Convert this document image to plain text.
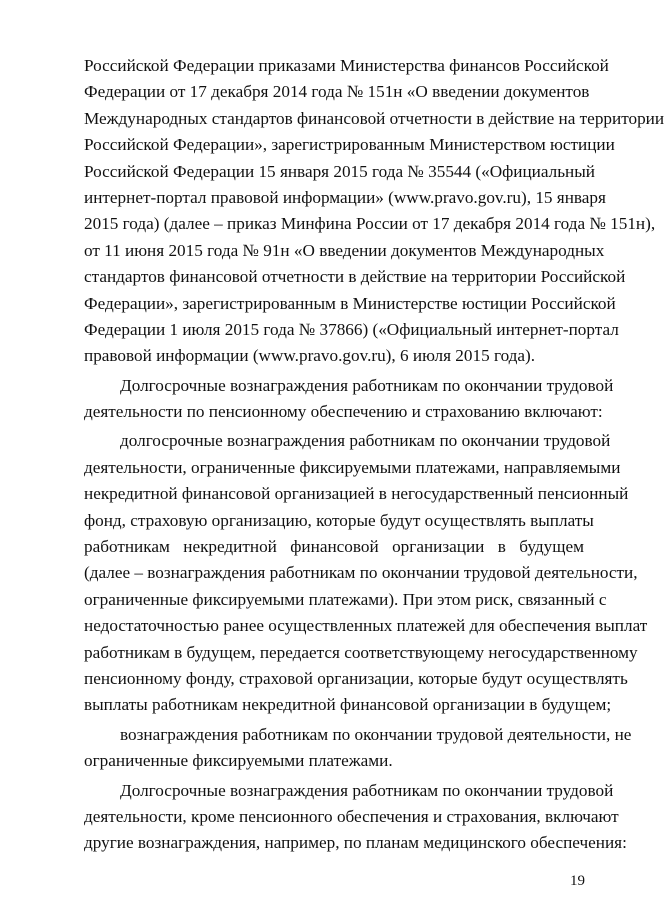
Российской Федерации приказами Министерства финансов Российской
Федерации от 17 декабря 2014 года № 151н «О введении документов
Международных стандартов финансовой отчетности в действие на территории
Российской Федерации», зарегистрированным Министерством юстиции
Российской Федерации 15 января 2015 года № 35544 («Официальный
интернет-портал правовой информации» (www.pravo.gov.ru), 15 января
2015 года) (далее – приказ Минфина России от 17 декабря 2014 года № 151н),
от 11 июня 2015 года № 91н «О введении документов Международных
стандартов финансовой отчетности в действие на территории Российской
Федерации», зарегистрированным в Министерстве юстиции Российской
Федерации 1 июля 2015 года № 37866) («Официальный интернет-портал
правовой информации (www.pravo.gov.ru), 6 июля 2015 года).
Долгосрочные вознаграждения работникам по окончании трудовой
деятельности по пенсионному обеспечению и страхованию включают:
долгосрочные вознаграждения работникам по окончании трудовой
деятельности, ограниченные фиксируемыми платежами, направляемыми
некредитной финансовой организацией в негосударственный пенсионный
фонд, страховую организацию, которые будут осуществлять выплаты
работникам некредитной финансовой организации в будущем
(далее – вознаграждения работникам по окончании трудовой деятельности,
ограниченные фиксируемыми платежами). При этом риск, связанный с
недостаточностью ранее осуществленных платежей для обеспечения выплат
работникам в будущем, передается соответствующему негосударственному
пенсионному фонду, страховой организации, которые будут осуществлять
выплаты работникам некредитной финансовой организации в будущем;
вознаграждения работникам по окончании трудовой деятельности, не
ограниченные фиксируемыми платежами.
Долгосрочные вознаграждения работникам по окончании трудовой
деятельности, кроме пенсионного обеспечения и страхования, включают
другие вознаграждения, например, по планам медицинского обеспечения:
19
